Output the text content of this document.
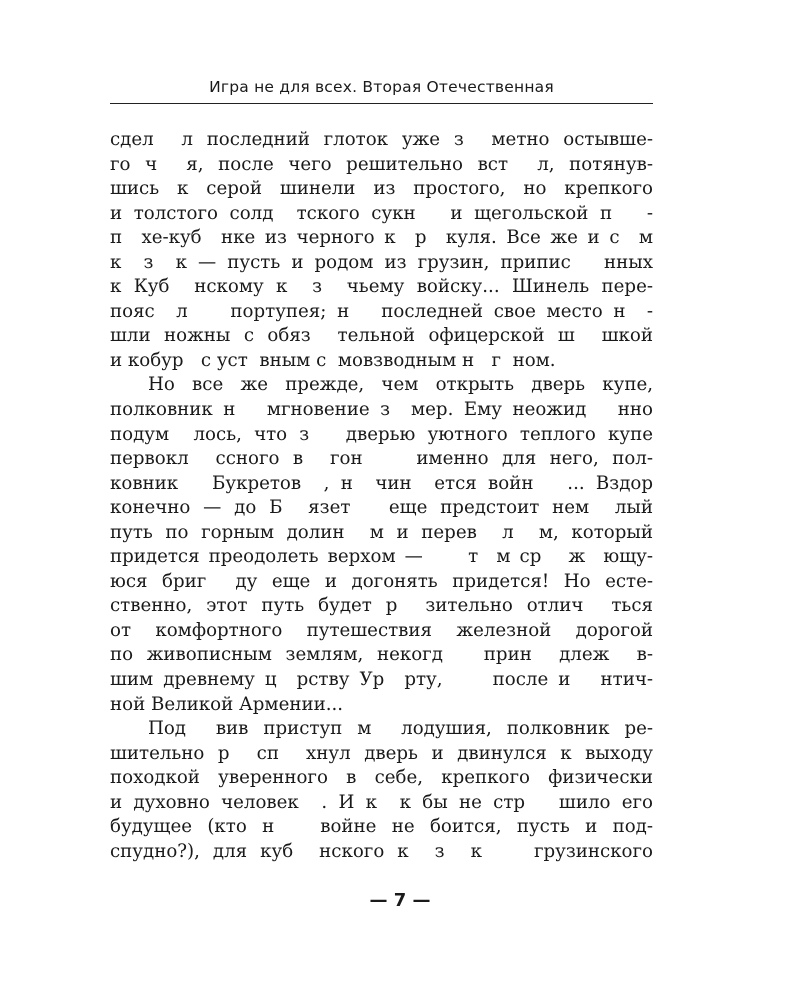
Игра не для всех. Вторая Отечественная
сдел  л последний глоток уже з  метно остывше-
го ч  я, после чего решительно вст  л, потянув-
шись к серой шинели из простого, но крепкого
и толстого солд  тского сукн   и щегольской п   -
п  хе-куб  нке из черного к  р  куля. Все же и с  м
к  з  к — пусть и родом из грузин, припис   нных
к Куб  нскому к  з  чьему войску... Шинель пере-
пояс  л    портупея; н   последней свое место н  -
шли ножны с обяз  тельной офицерской ш  шкой
и кобур   с уст  вным с  мовзводным н   г  ном.
Но все же прежде, чем открыть дверь купе,
полковник н   мгновение з  мер. Ему неожид   нно
подум  лось, что з   дверью уютного теплого купе
первокл  ссного в  гон    именно для него, пол-
ковник   Букретов  , н  чин  ется войн   ... Вздор
конечно — до Б  язет   еще предстоит нем  лый
путь по горным долин  м и перев  л  м, который
придется преодолеть верхом —     т  м ср   ж  ющу-
юся бриг  ду еще и догонять придется! Но есте-
ственно, этот путь будет р  зительно отлич  ться
от комфортного путешествия железной дорогой
по живописным землям, некогд   прин  длеж  в-
шим древнему ц  рству Ур  рту,     после и   нтич-
ной Великой Армении...
Под  вив приступ м  лодушия, полковник ре-
шительно р  сп  хнул дверь и двинулся к выходу
походкой уверенного в себе, крепкого физически
и духовно человек  . И к  к бы не стр   шило его
будущее (кто н   войне не боится, пусть и под-
спудно?), для куб  нского к  з  к    грузинского
— 7 —
